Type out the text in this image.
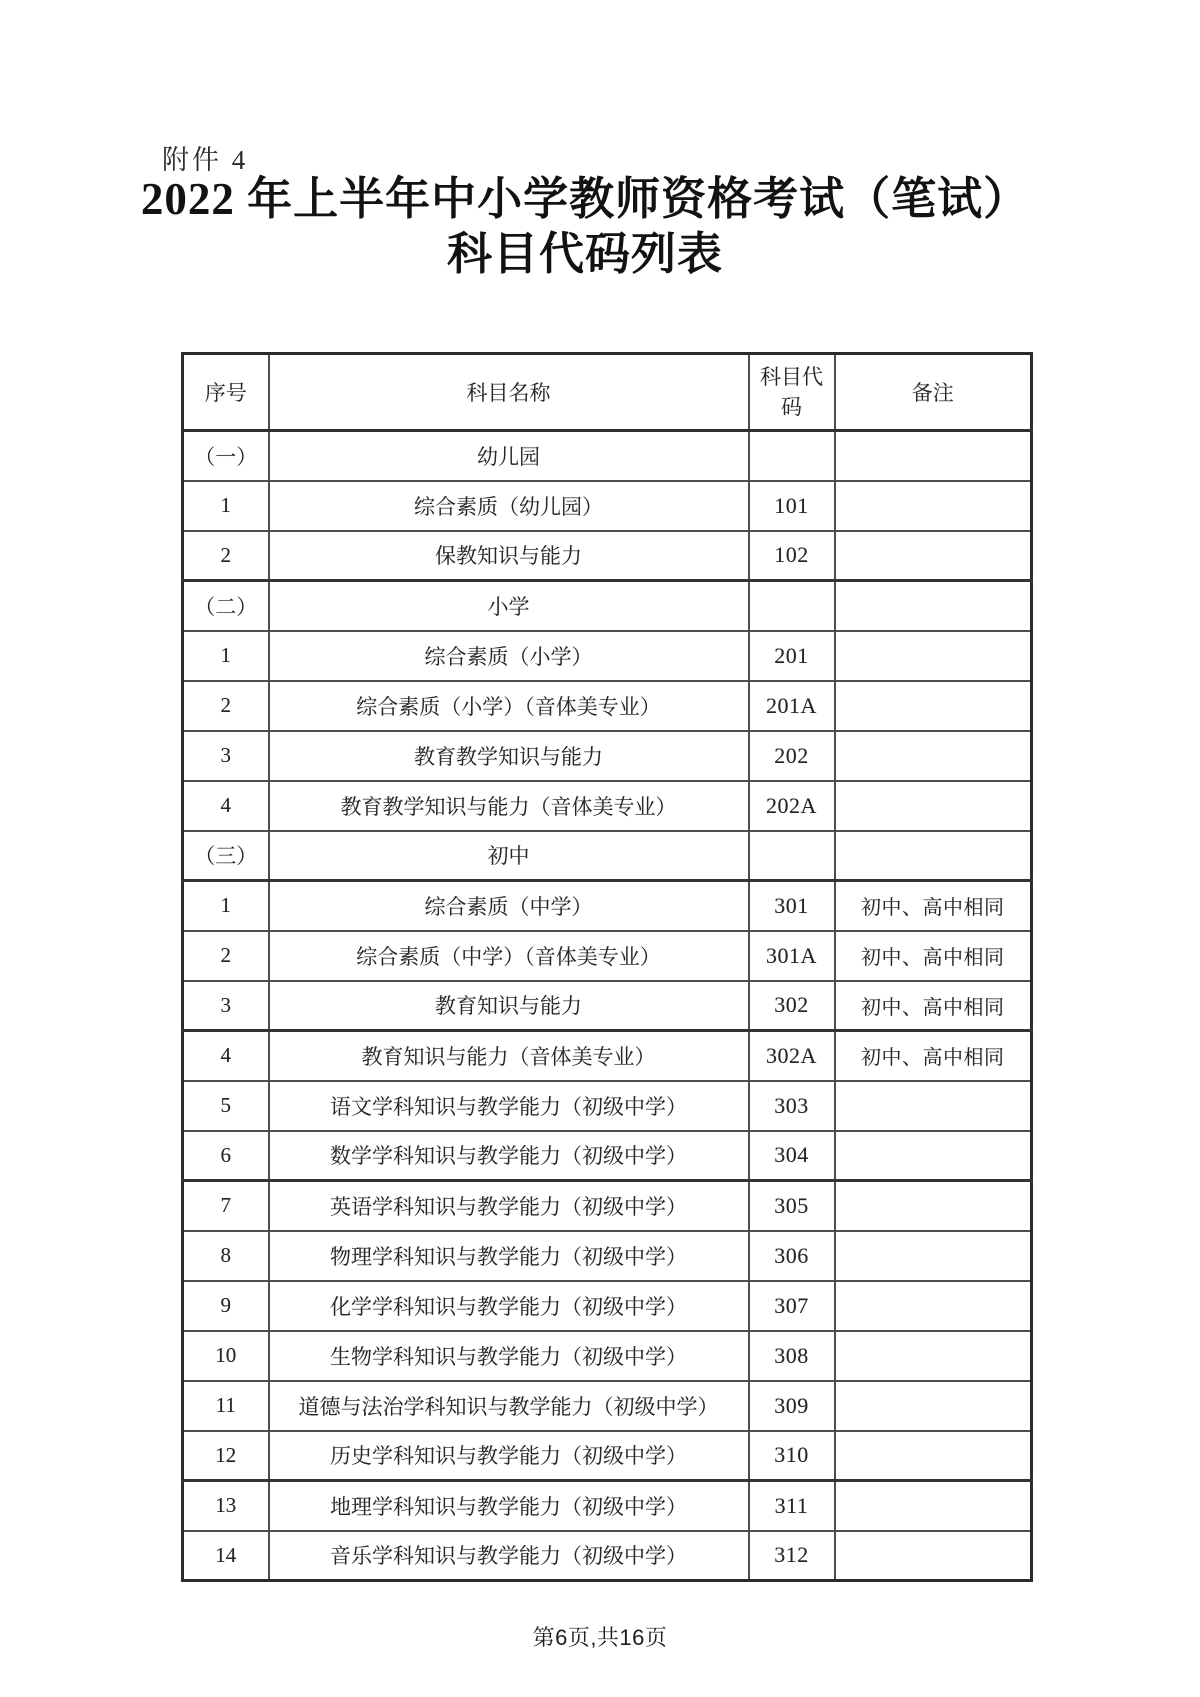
附件 4
2022 年上半年中小学教师资格考试（笔试）
科目代码列表
序号	科目名称	科目代码	备注
（一）	幼儿园		
1	综合素质（幼儿园）	101	
2	保教知识与能力	102	
（二）	小学		
1	综合素质（小学）	201	
2	综合素质（小学）（音体美专业）	201A	
3	教育教学知识与能力	202	
4	教育教学知识与能力（音体美专业）	202A	
（三）	初中		
1	综合素质（中学）	301	初中、高中相同
2	综合素质（中学）（音体美专业）	301A	初中、高中相同
3	教育知识与能力	302	初中、高中相同
4	教育知识与能力（音体美专业）	302A	初中、高中相同
5	语文学科知识与教学能力（初级中学）	303	
6	数学学科知识与教学能力（初级中学）	304	
7	英语学科知识与教学能力（初级中学）	305	
8	物理学科知识与教学能力（初级中学）	306	
9	化学学科知识与教学能力（初级中学）	307	
10	生物学科知识与教学能力（初级中学）	308	
11	道德与法治学科知识与教学能力（初级中学）	309	
12	历史学科知识与教学能力（初级中学）	310	
13	地理学科知识与教学能力（初级中学）	311	
14	音乐学科知识与教学能力（初级中学）	312	
第6页,共16页
